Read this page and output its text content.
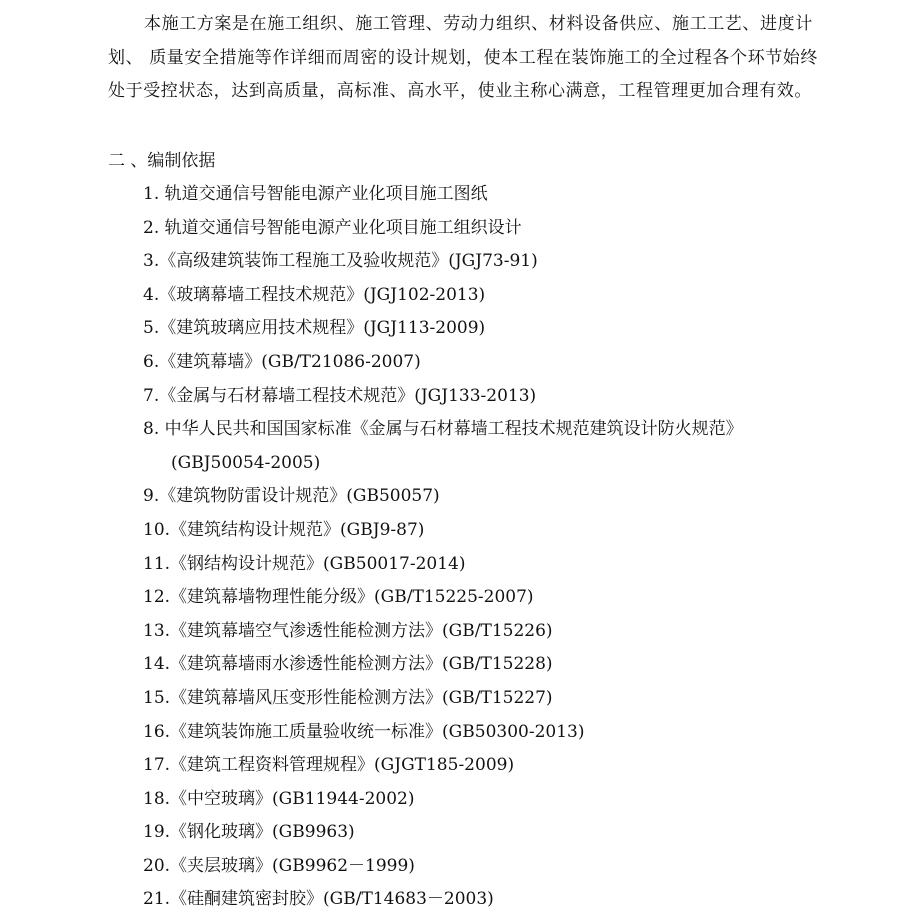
本施工方案是在施工组织、施工管理、劳动力组织、材料设备供应、施工工艺、进度计划、 质量安全措施等作详细而周密的设计规划，使本工程在装饰施工的全过程各个环节始终处于受控状态，达到高质量，高标准、高水平，使业主称心满意，工程管理更加合理有效。

二 、编制依据
1. 轨道交通信号智能电源产业化项目施工图纸
2. 轨道交通信号智能电源产业化项目施工组织设计
3.《高级建筑装饰工程施工及验收规范》(JGJ73-91)
4.《玻璃幕墙工程技术规范》(JGJ102-2013)
5.《建筑玻璃应用技术规程》(JGJ113-2009)
6.《建筑幕墙》(GB/T21086-2007)
7.《金属与石材幕墙工程技术规范》(JGJ133-2013)
8. 中华人民共和国国家标准《金属与石材幕墙工程技术规范建筑设计防火规范》
(GBJ50054-2005)
9.《建筑物防雷设计规范》(GB50057)
10.《建筑结构设计规范》(GBJ9-87)
11.《钢结构设计规范》(GB50017-2014)
12.《建筑幕墙物理性能分级》(GB/T15225-2007)
13.《建筑幕墙空气渗透性能检测方法》(GB/T15226)
14.《建筑幕墙雨水渗透性能检测方法》(GB/T15228)
15.《建筑幕墙风压变形性能检测方法》(GB/T15227)
16.《建筑装饰施工质量验收统一标准》(GB50300-2013)
17.《建筑工程资料管理规程》(GJGT185-2009)
18.《中空玻璃》(GB11944-2002)
19.《钢化玻璃》(GB9963)
20.《夹层玻璃》(GB9962－1999)
21.《硅酮建筑密封胶》(GB/T14683－2003)
